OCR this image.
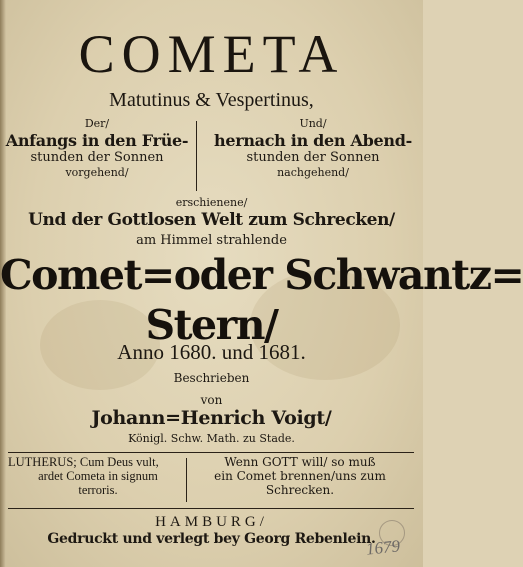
COMETA
Matutinus & Vespertinus,
Der/
Anfangs in den Früe-
stunden der Sonnen
vorgehend/
Und/
hernach in den Abend-
stunden der Sonnen
nachgehend/
erschienene/
Und der Gottlosen Welt zum Schrecken/
am Himmel strahlende
Comet=oder Schwantz=
Stern/
Anno 1680. und 1681.
Beschrieben
von
Johann=Henrich Voigt/
Königl. Schw. Math. zu Stade.
LUTHERUS; Cum Deus vult,
ardet Cometa in signum
terroris.
Wenn GOTT will/ so muß
ein Comet brennen/uns zum
Schrecken.
HAMBURG/
Gedruckt und verlegt bey Georg Rebenlein.
1679
